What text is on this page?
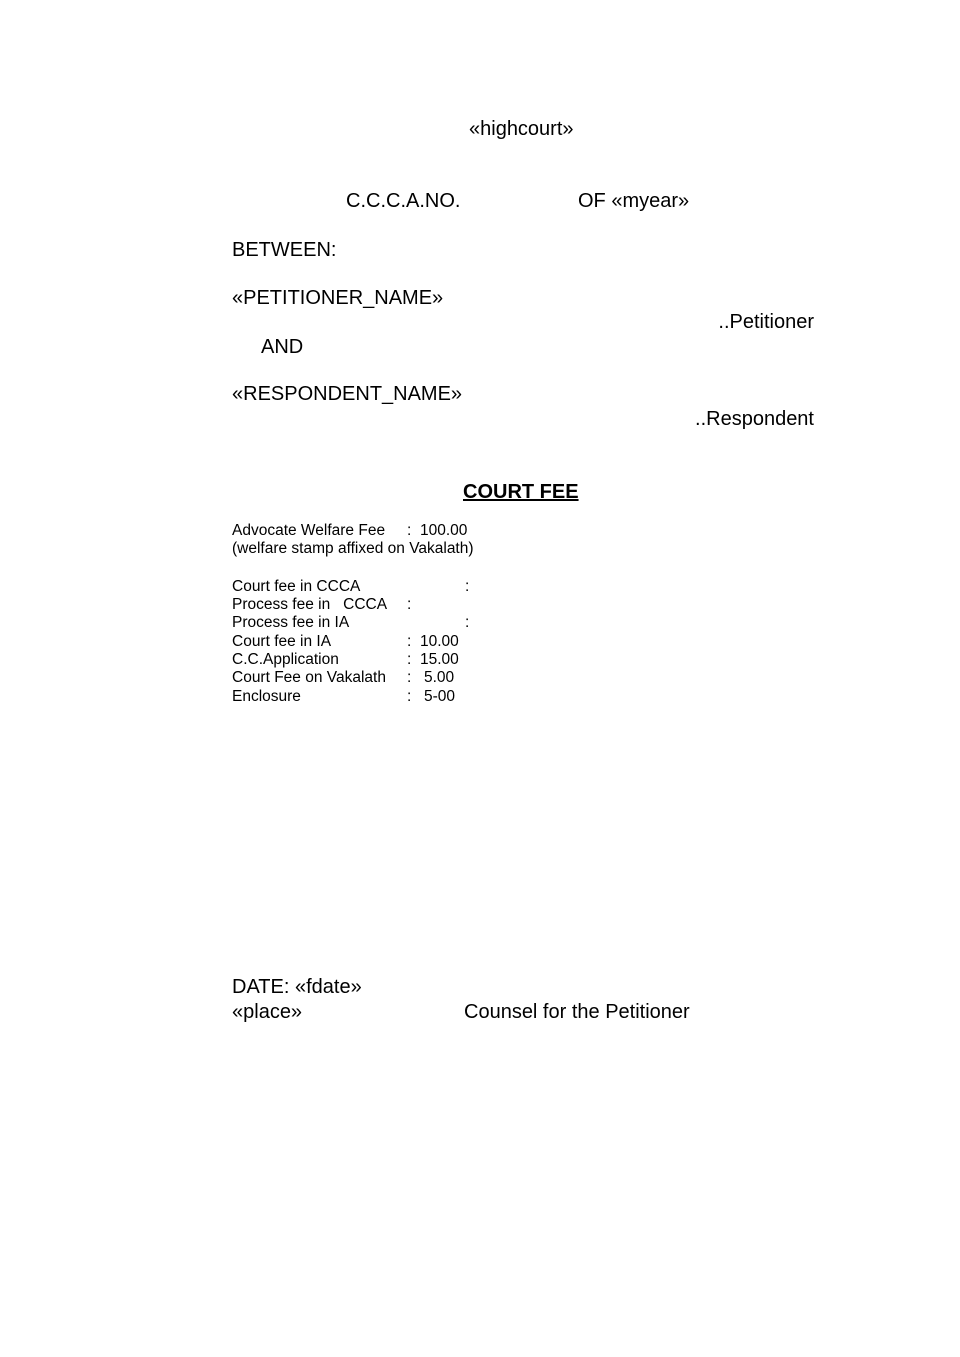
«highcourt»
C.C.C.A.NO.	OF «myear»
BETWEEN:
«PETITIONER_NAME»
..Petitioner
AND
«RESPONDENT_NAME»
..Respondent
COURT FEE
Advocate Welfare Fee : 100.00
(welfare stamp affixed on Vakalath)
Court fee in CCCA	:
Process fee in   CCCA :
Process fee in IA	:
Court fee in IA	: 10.00
C.C.Application	: 15.00
Court Fee on Vakalath : 5.00
Enclosure	: 5-00
DATE: «fdate»
«place»	Counsel for the Petitioner
